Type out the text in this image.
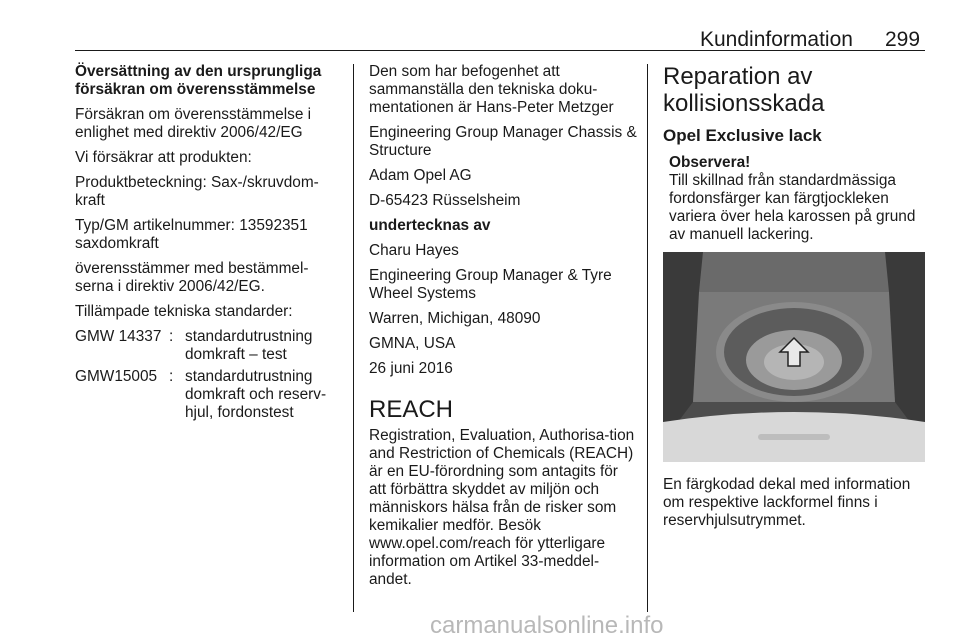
Kundinformation 299

Översättning av den ursprungliga försäkran om överensstämmelse

Försäkran om överensstämmelse i enlighet med direktiv 2006/42/EG

Vi försäkrar att produkten:

Produktbeteckning: Sax-/skruvdom-kraft

Typ/GM artikelnummer: 13592351 saxdomkraft

överensstämmer med bestämmel-serna i direktiv 2006/42/EG.

Tillämpade tekniska standarder:

GMW 14337	:	standardutrustning domkraft – test
GMW15005	:	standardutrustning domkraft och reserv-hjul, fordonstest

Den som har befogenhet att sammanställa den tekniska doku-mentationen är Hans-Peter Metzger

Engineering Group Manager Chassis & Structure

Adam Opel AG

D-65423 Rüsselsheim

undertecknas av

Charu Hayes

Engineering Group Manager & Tyre Wheel Systems

Warren, Michigan, 48090

GMNA, USA

26 juni 2016

REACH

Registration, Evaluation, Authorisa-tion and Restriction of Chemicals (REACH) är en EU-förordning som antagits för att förbättra skyddet av miljön och människors hälsa från de risker som kemikalier medför. Besök www.opel.com/reach för ytterligare information om Artikel 33-meddel-andet.

Reparation av kollisionsskada
Opel Exclusive lack
Observera!
Till skillnad från standardmässiga fordonsfärger kan färgtjockleken variera över hela karossen på grund av manuell lackering.
En färgkodad dekal med information om respektive lackformel finns i reservhjulsutrymmet.
carmanualsonline.info
